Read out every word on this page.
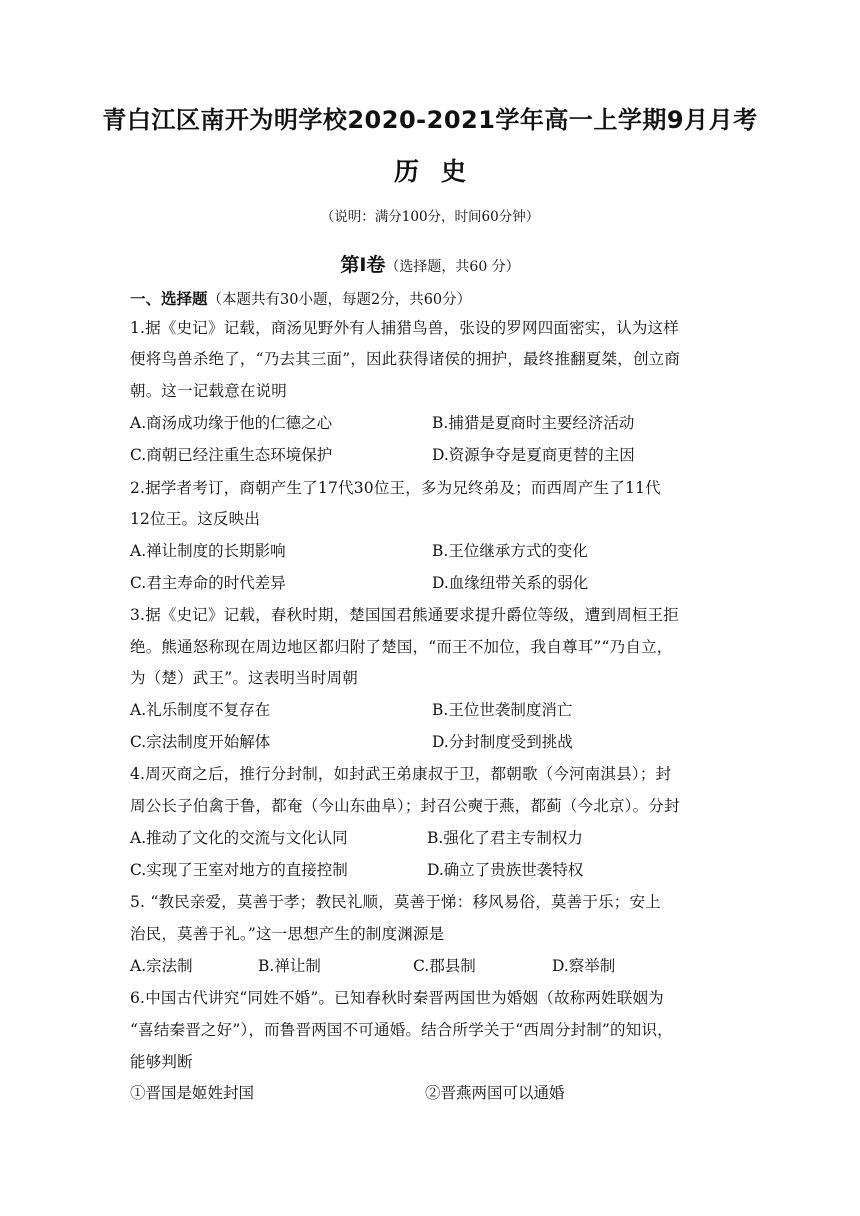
青白江区南开为明学校2020-2021学年高一上学期9月月考
历史
（说明：满分100分，时间60分钟）
第Ⅰ卷（选择题，共60 分）
一、选择题（本题共有30小题，每题2分，共60分）
1.据《史记》记载，商汤见野外有人捕猎鸟兽，张设的罗网四面密实，认为这样
便将鸟兽杀绝了，“乃去其三面”，因此获得诸侯的拥护，最终推翻夏桀，创立商
朝。这一记载意在说明
A.商汤成功缘于他的仁德之心	B.捕猎是夏商时主要经济活动
C.商朝已经注重生态环境保护	D.资源争夺是夏商更替的主因
2.据学者考订，商朝产生了17代30位王，多为兄终弟及；而西周产生了11代
12位王。这反映出
A.禅让制度的长期影响	B.王位继承方式的变化
C.君主寿命的时代差异	D.血缘纽带关系的弱化
3.据《史记》记载，春秋时期，楚国国君熊通要求提升爵位等级，遭到周桓王拒
绝。熊通怒称现在周边地区都归附了楚国，“而王不加位，我自尊耳”“乃自立，
为（楚）武王”。这表明当时周朝
A.礼乐制度不复存在	B.王位世袭制度消亡
C.宗法制度开始解体	D.分封制度受到挑战
4.周灭商之后，推行分封制，如封武王弟康叔于卫，都朝歌（今河南淇县）；封
周公长子伯禽于鲁，都奄（今山东曲阜）；封召公奭于燕，都蓟（今北京）。分封
A.推动了文化的交流与文化认同	B.强化了君主专制权力
C.实现了王室对地方的直接控制	D.确立了贵族世袭特权
5. “教民亲爱，莫善于孝；教民礼顺，莫善于悌：移风易俗，莫善于乐；安上
治民，莫善于礼。”这一思想产生的制度渊源是
A.宗法制	B.禅让制	C.郡县制	D.察举制
6.中国古代讲究“同姓不婚”。已知春秋时秦晋两国世为婚姻（故称两姓联姻为
“喜结秦晋之好”），而鲁晋两国不可通婚。结合所学关于“西周分封制”的知识，
能够判断
①晋国是姬姓封国	②晋燕两国可以通婚
